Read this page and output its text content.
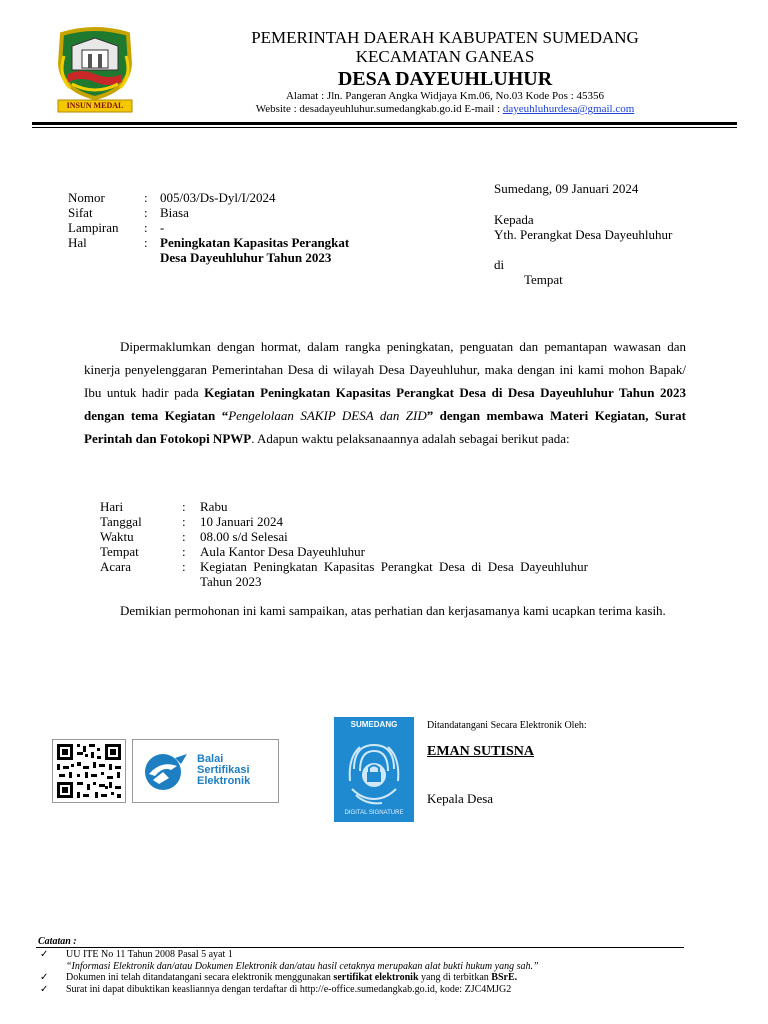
INSUN MEDAL
PEMERINTAH DAERAH KABUPATEN SUMEDANG
KECAMATAN GANEAS
DESA DAYEUHLUHUR
Alamat : Jln. Pangeran Angka Widjaya Km.06, No.03 Kode Pos : 45356
Website : desadayeuhluhur.sumedangkab.go.id E-mail : dayeuhluhurdesa@gmail.com
Nomor	: 005/03/Ds-Dyl/I/2024
Sifat	: Biasa
Lampiran	: -
Hal	: Peningkatan Kapasitas Perangkat
Desa Dayeuhluhur Tahun 2023
Sumedang, 09 Januari 2024
Kepada
Yth. Perangkat Desa Dayeuhluhur
di
Tempat
Dipermaklumkan dengan hormat, dalam rangka peningkatan, penguatan dan pemantapan wawasan dan kinerja penyelenggaran Pemerintahan Desa di wilayah Desa Dayeuhluhur, maka dengan ini kami mohon Bapak/ Ibu untuk hadir pada Kegiatan Peningkatan Kapasitas Perangkat Desa di Desa Dayeuhluhur Tahun 2023 dengan tema Kegiatan “Pengelolaan SAKIP DESA dan ZID” dengan membawa Materi Kegiatan, Surat Perintah dan Fotokopi NPWP. Adapun waktu pelaksanaannya adalah sebagai berikut pada:
Hari	:	Rabu
Tanggal	:	10 Januari 2024
Waktu	:	08.00 s/d Selesai
Tempat	:	Aula Kantor Desa Dayeuhluhur
Acara	:	Kegiatan Peningkatan Kapasitas Perangkat Desa di Desa Dayeuhluhur Tahun 2023
Demikian permohonan ini kami sampaikan, atas perhatian dan kerjasamanya kami ucapkan terima kasih.
Balai
Sertifikasi
Elektronik
SUMEDANG
DIGITAL SIGNATURE
Ditandatangani Secara Elektronik Oleh:
EMAN SUTISNA
Kepala Desa
Catatan :
✓	UU ITE No 11 Tahun 2008 Pasal 5 ayat 1
“Informasi Elektronik dan/atau Dokumen Elektronik dan/atau hasil cetaknya merupakan alat bukti hukum yang sah.”
✓	Dokumen ini telah ditandatangani secara elektronik menggunakan sertifikat elektronik yang di terbitkan BSrE.
✓	Surat ini dapat dibuktikan keasliannya dengan terdaftar di http://e-office.sumedangkab.go.id, kode: ZJC4MJG2
